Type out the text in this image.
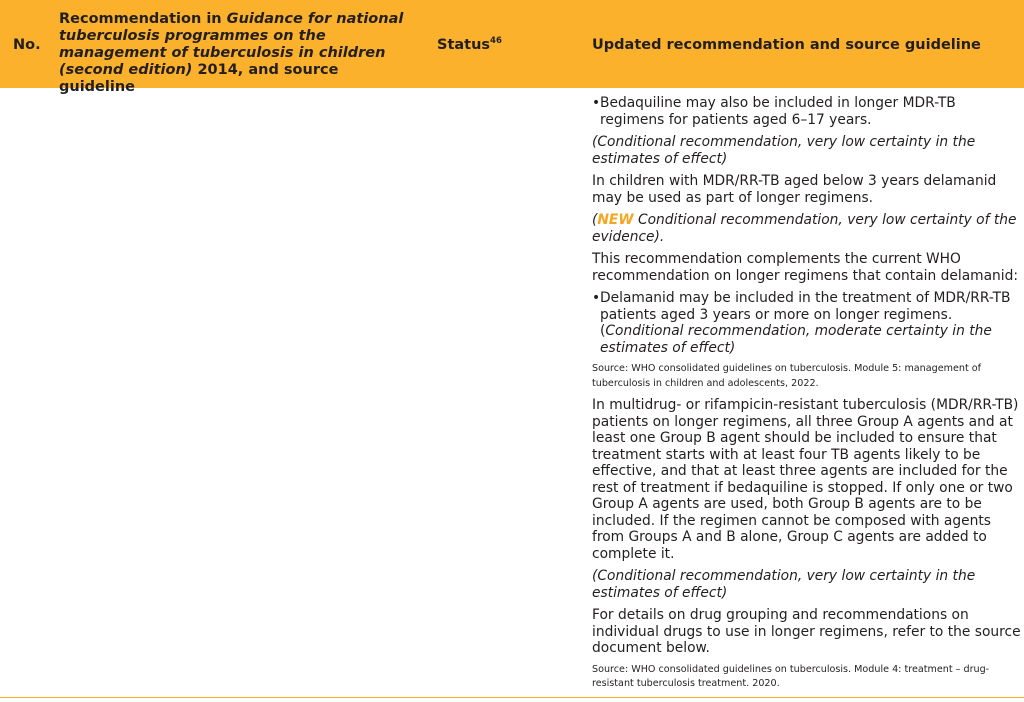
No.
Recommendation in Guidance for national tuberculosis programmes on the management of tuberculosis in children (second edition) 2014, and source guideline
Status$^{46}$	Updated recommendation and source guideline
• Bedaquiline may also be included in longer MDR-TB regimens for patients aged 6–17 years.

(Conditional recommendation, very low certainty in the estimates of effect)

In children with MDR/RR-TB aged below 3 years delamanid may be used as part of longer regimens.

(NEW Conditional recommendation, very low certainty of the evidence).

This recommendation complements the current WHO recommendation on longer regimens that contain delamanid:

• Delamanid may be included in the treatment of MDR/RR-TB patients aged 3 years or more on longer regimens. (Conditional recommendation, moderate certainty in the estimates of effect)

Source: WHO consolidated guidelines on tuberculosis. Module 5: management of tuberculosis in children and adolescents, 2022.

In multidrug- or rifampicin-resistant tuberculosis (MDR/RR-TB) patients on longer regimens, all three Group A agents and at least one Group B agent should be included to ensure that treatment starts with at least four TB agents likely to be effective, and that at least three agents are included for the rest of treatment if bedaquiline is stopped. If only one or two Group A agents are used, both Group B agents are to be included. If the regimen cannot be composed with agents from Groups A and B alone, Group C agents are added to complete it.

(Conditional recommendation, very low certainty in the estimates of effect)

For details on drug grouping and recommendations on individual drugs to use in longer regimens, refer to the source document below.

Source: WHO consolidated guidelines on tuberculosis. Module 4: treatment – drug-resistant tuberculosis treatment. 2020.
